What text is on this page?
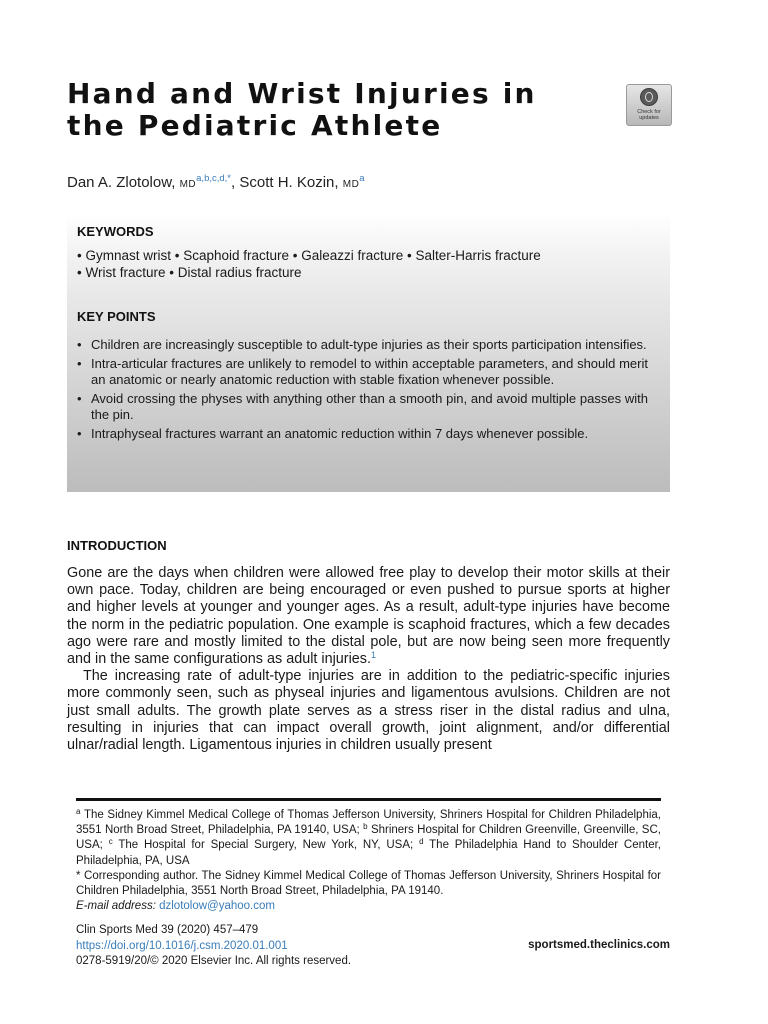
Hand and Wrist Injuries in
the Pediatric Athlete	Check for
updates

Dan A. Zlotolow, $MD^{a,b,c,d,*}$, Scott H. Kozin, $MD^a$

KEYWORDS
• Gymnast wrist • Scaphoid fracture • Galeazzi fracture • Salter-Harris fracture
• Wrist fracture • Distal radius fracture
KEY POINTS
• Children are increasingly susceptible to adult-type injuries as their sports participation intensifies.
• Intra-articular fractures are unlikely to remodel to within acceptable parameters, and should merit an anatomic or nearly anatomic reduction with stable fixation whenever possible.
• Avoid crossing the physes with anything other than a smooth pin, and avoid multiple passes with the pin.
• Intraphyseal fractures warrant an anatomic reduction within 7 days whenever possible.
INTRODUCTION

Gone are the days when children were allowed free play to develop their motor skills at their own pace. Today, children are being encouraged or even pushed to pursue sports at higher and higher levels at younger and younger ages. As a result, adult-type injuries have become the norm in the pediatric population. One example is scaphoid fractures, which a few decades ago were rare and mostly limited to the distal pole, but are now being seen more frequently and in the same configurations as adult injuries.$^1$

The increasing rate of adult-type injuries are in addition to the pediatric-specific injuries more commonly seen, such as physeal injuries and ligamentous avulsions. Children are not just small adults. The growth plate serves as a stress riser in the distal radius and ulna, resulting in injuries that can impact overall growth, joint alignment, and/or differential ulnar/radial length. Ligamentous injuries in children usually present

$^a$ The Sidney Kimmel Medical College of Thomas Jefferson University, Shriners Hospital for Children Philadelphia, 3551 North Broad Street, Philadelphia, PA 19140, USA; $^b$ Shriners Hospital for Children Greenville, Greenville, SC, USA; $^c$ The Hospital for Special Surgery, New York, NY, USA; $^d$ The Philadelphia Hand to Shoulder Center, Philadelphia, PA, USA

* Corresponding author. The Sidney Kimmel Medical College of Thomas Jefferson University, Shriners Hospital for Children Philadelphia, 3551 North Broad Street, Philadelphia, PA 19140.

E-mail address: dzlotolow@yahoo.com

Clin Sports Med 39 (2020) 457–479
https://doi.org/10.1016/j.csm.2020.01.001
0278-5919/20/© 2020 Elsevier Inc. All rights reserved.
sportsmed.theclinics.com
